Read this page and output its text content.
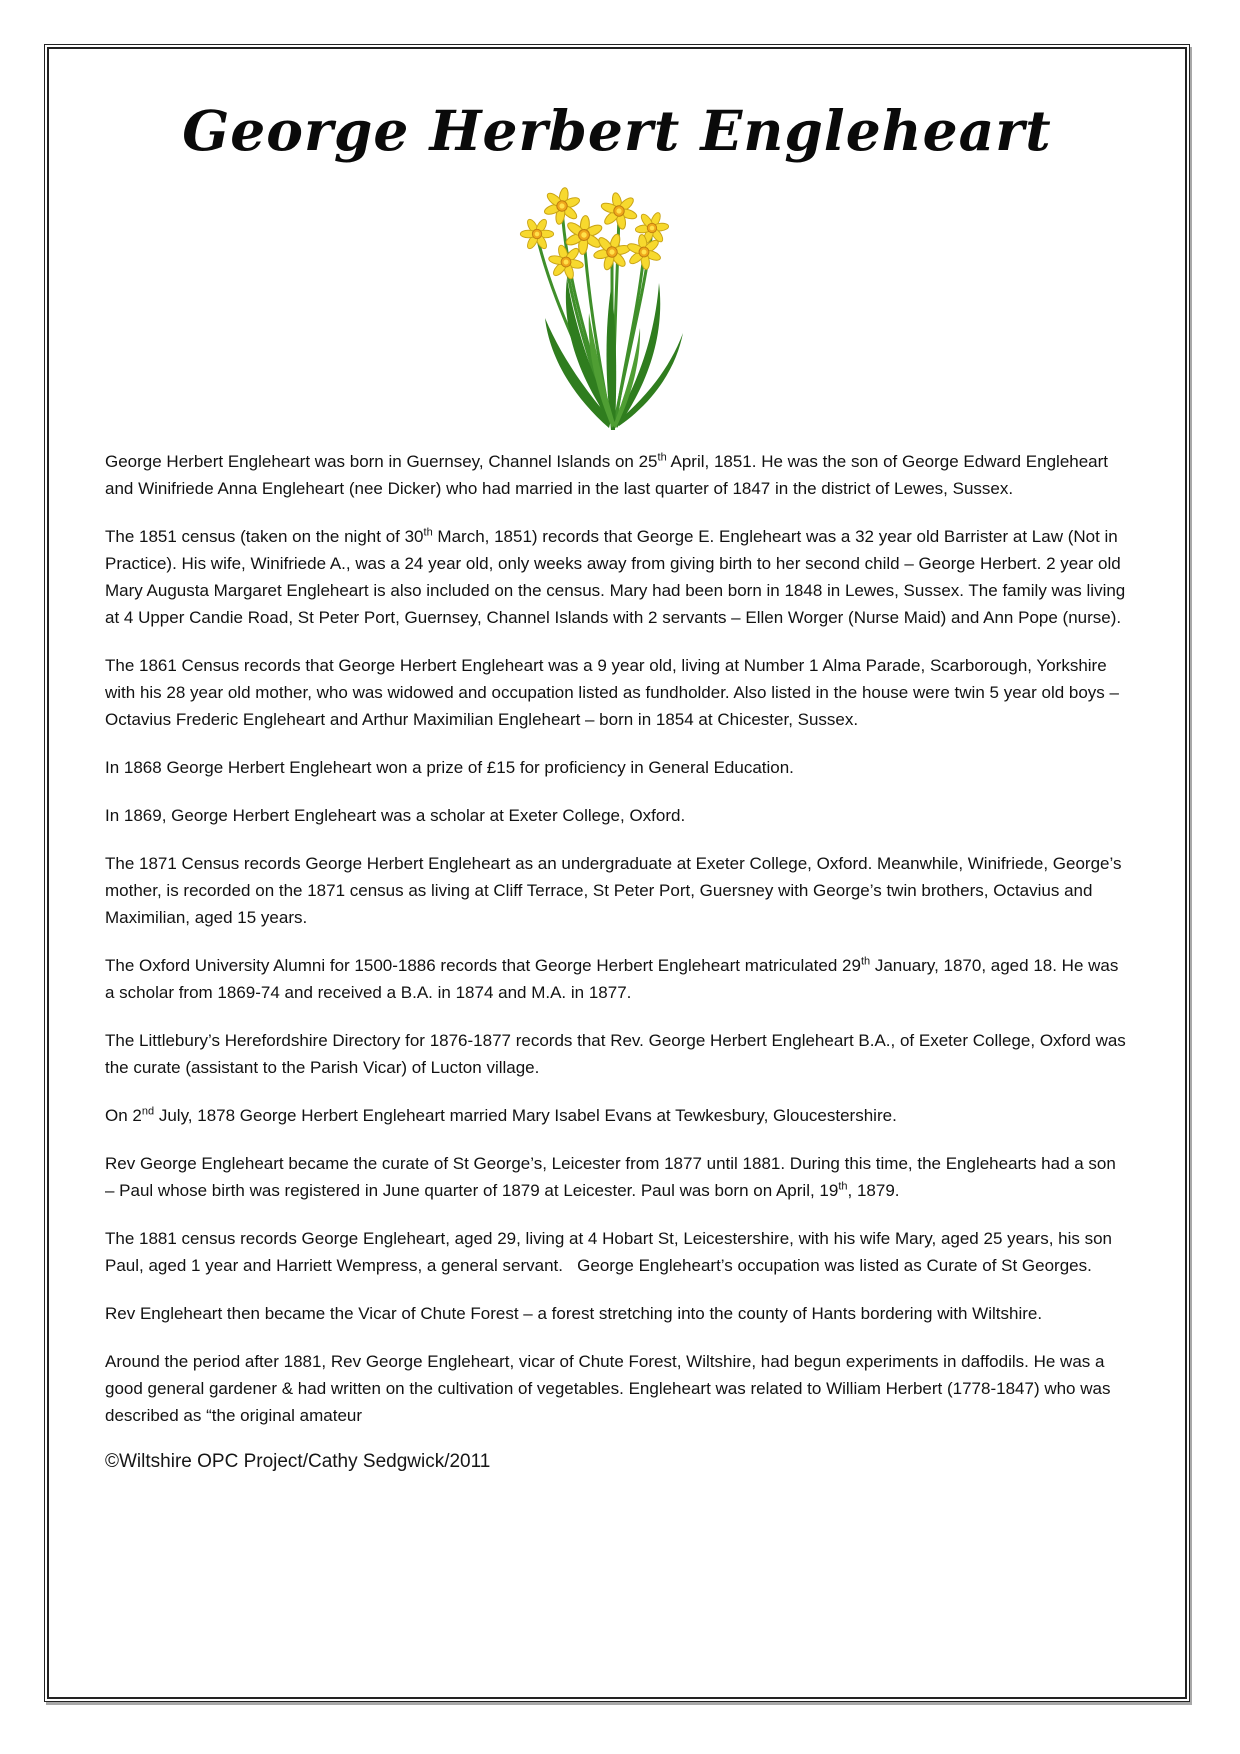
George Herbert Engleheart

George Herbert Engleheart was born in Guernsey, Channel Islands on 25th April, 1851. He was the son of George Edward Engleheart and Winifriede Anna Engleheart (nee Dicker) who had married in the last quarter of 1847 in the district of Lewes, Sussex.

The 1851 census (taken on the night of 30th March, 1851) records that George E. Engleheart was a 32 year old Barrister at Law (Not in Practice). His wife, Winifriede A., was a 24 year old, only weeks away from giving birth to her second child – George Herbert. 2 year old Mary Augusta Margaret Engleheart is also included on the census. Mary had been born in 1848 in Lewes, Sussex. The family was living at 4 Upper Candie Road, St Peter Port, Guernsey, Channel Islands with 2 servants – Ellen Worger (Nurse Maid) and Ann Pope (nurse).

The 1861 Census records that George Herbert Engleheart was a 9 year old, living at Number 1 Alma Parade, Scarborough, Yorkshire with his 28 year old mother, who was widowed and occupation listed as fundholder. Also listed in the house were twin 5 year old boys – Octavius Frederic Engleheart and Arthur Maximilian Engleheart – born in 1854 at Chicester, Sussex.

In 1868 George Herbert Engleheart won a prize of £15 for proficiency in General Education.

In 1869, George Herbert Engleheart was a scholar at Exeter College, Oxford.

The 1871 Census records George Herbert Engleheart as an undergraduate at Exeter College, Oxford. Meanwhile, Winifriede, George’s mother, is recorded on the 1871 census as living at Cliff Terrace, St Peter Port, Guersney with George’s twin brothers, Octavius and Maximilian, aged 15 years.

The Oxford University Alumni for 1500-1886 records that George Herbert Engleheart matriculated 29th January, 1870, aged 18. He was a scholar from 1869-74 and received a B.A. in 1874 and M.A. in 1877.

The Littlebury’s Herefordshire Directory for 1876-1877 records that Rev. George Herbert Engleheart B.A., of Exeter College, Oxford was the curate (assistant to the Parish Vicar) of Lucton village.

On 2nd July, 1878 George Herbert Engleheart married Mary Isabel Evans at Tewkesbury, Gloucestershire.

Rev George Engleheart became the curate of St George’s, Leicester from 1877 until 1881. During this time, the Englehearts had a son – Paul whose birth was registered in June quarter of 1879 at Leicester. Paul was born on April, 19th, 1879.

The 1881 census records George Engleheart, aged 29, living at 4 Hobart St, Leicestershire, with his wife Mary, aged 25 years, his son Paul, aged 1 year and Harriett Wempress, a general servant.   George Engleheart’s occupation was listed as Curate of St Georges.

Rev Engleheart then became the Vicar of Chute Forest – a forest stretching into the county of Hants bordering with Wiltshire.

Around the period after 1881, Rev George Engleheart, vicar of Chute Forest, Wiltshire, had begun experiments in daffodils. He was a good general gardener & had written on the cultivation of vegetables. Engleheart was related to William Herbert (1778-1847) who was described as “the original amateur

©Wiltshire OPC Project/Cathy Sedgwick/2011
